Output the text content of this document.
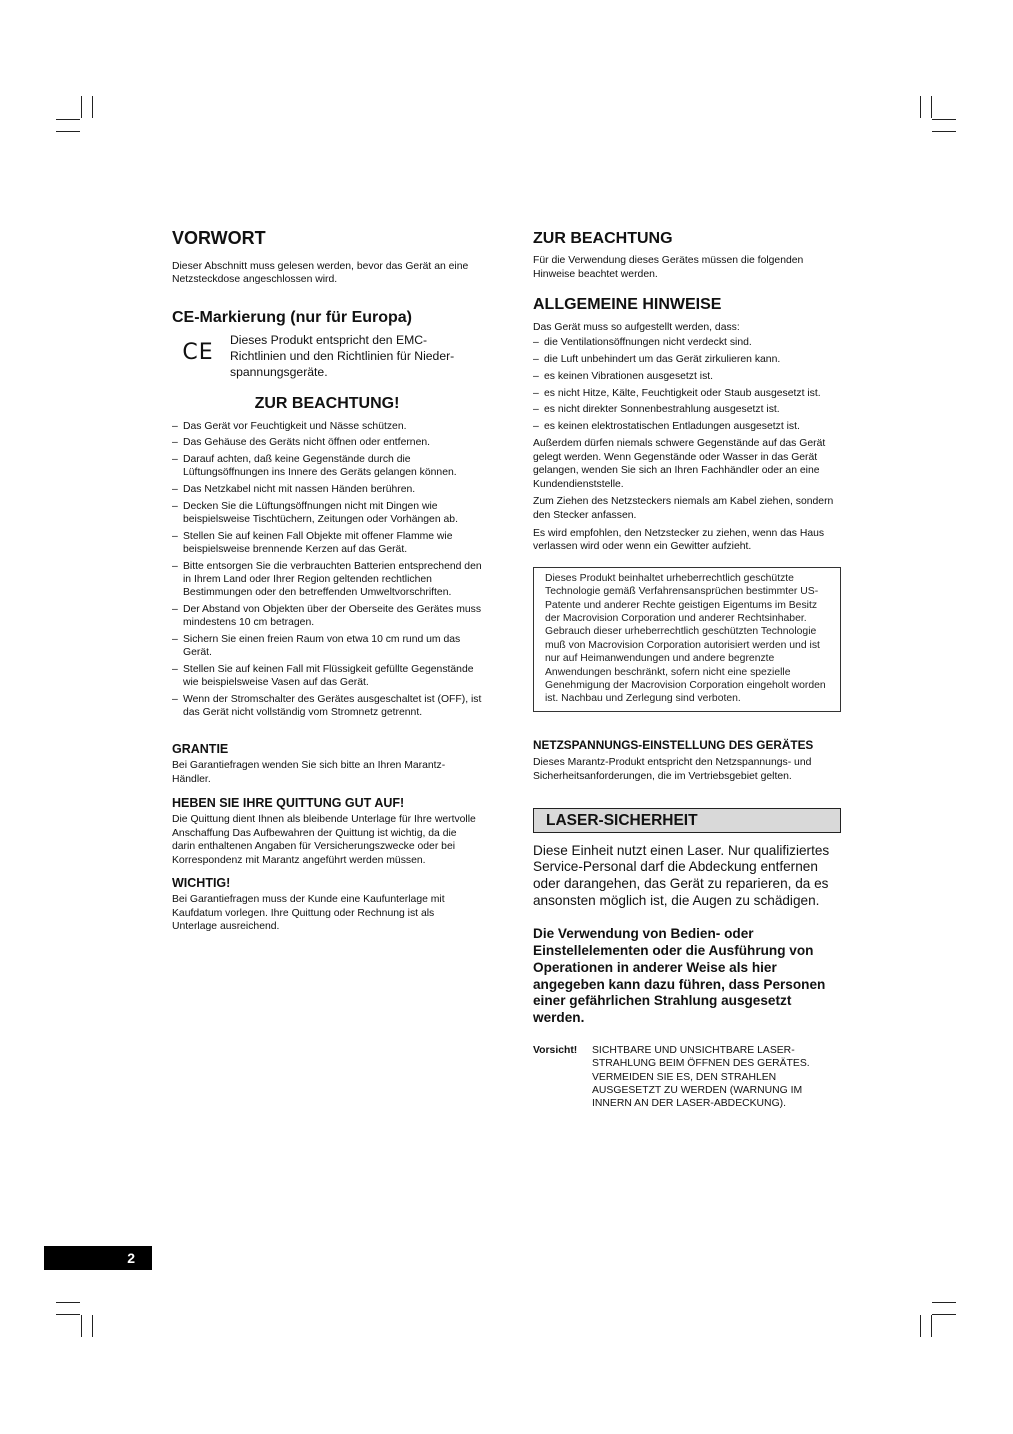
VORWORT

Dieser Abschnitt muss gelesen werden, bevor das Gerät an eine Netzsteckdose angeschlossen wird.

CE-Markierung (nur für Europa)
CE
Dieses Produkt entspricht den EMC-Richtlinien und den Richtlinien für Nieder-spannungsgeräte.
ZUR BEACHTUNG!
– Das Gerät vor Feuchtigkeit und Nässe schützen.
– Das Gehäuse des Geräts nicht öffnen oder entfernen.
– Darauf achten, daß keine Gegenstände durch die Lüftungsöffnungen ins Innere des Geräts gelangen können.
– Das Netzkabel nicht mit nassen Händen berühren.
– Decken Sie die Lüftungsöffnungen nicht mit Dingen wie beispielsweise Tischtüchern, Zeitungen oder Vorhängen ab.
– Stellen Sie auf keinen Fall Objekte mit offener Flamme wie beispielsweise brennende Kerzen auf das Gerät.
– Bitte entsorgen Sie die verbrauchten Batterien entsprechend den in Ihrem Land oder Ihrer Region geltenden rechtlichen Bestimmungen oder den betreffenden Umweltvorschriften.
– Der Abstand von Objekten über der Oberseite des Gerätes muss mindestens 10 cm betragen.
– Sichern Sie einen freien Raum von etwa 10 cm rund um das Gerät.
– Stellen Sie auf keinen Fall mit Flüssigkeit gefüllte Gegenstände wie beispielsweise Vasen auf das Gerät.
– Wenn der Stromschalter des Gerätes ausgeschaltet ist (OFF), ist das Gerät nicht vollständig vom Stromnetz getrennt.
GRANTIE

Bei Garantiefragen wenden Sie sich bitte an Ihren Marantz-Händler.

HEBEN SIE IHRE QUITTUNG GUT AUF!

Die Quittung dient Ihnen als bleibende Unterlage für Ihre wertvolle Anschaffung Das Aufbewahren der Quittung ist wichtig, da die darin enthaltenen Angaben für Versicherungszwecke oder bei Korrespondenz mit Marantz angeführt werden müssen.

WICHTIG!

Bei Garantiefragen muss der Kunde eine Kaufunterlage mit Kaufdatum vorlegen. Ihre Quittung oder Rechnung ist als Unterlage ausreichend.

ZUR BEACHTUNG

Für die Verwendung dieses Gerätes müssen die folgenden Hinweise beachtet werden.

ALLGEMEINE HINWEISE

Das Gerät muss so aufgestellt werden, dass:

– die Ventilationsöffnungen nicht verdeckt sind.
– die Luft unbehindert um das Gerät zirkulieren kann.
– es keinen Vibrationen ausgesetzt ist.
– es nicht Hitze, Kälte, Feuchtigkeit oder Staub ausgesetzt ist.
– es nicht direkter Sonnenbestrahlung ausgesetzt ist.
– es keinen elektrostatischen Entladungen ausgesetzt ist.

Außerdem dürfen niemals schwere Gegenstände auf das Gerät gelegt werden. Wenn Gegenstände oder Wasser in das Gerät gelangen, wenden Sie sich an Ihren Fachhändler oder an eine Kundendienststelle.

Zum Ziehen des Netzsteckers niemals am Kabel ziehen, sondern den Stecker anfassen.

Es wird empfohlen, den Netzstecker zu ziehen, wenn das Haus verlassen wird oder wenn ein Gewitter aufzieht.

Dieses Produkt beinhaltet urheberrechtlich geschützte Technologie gemäß Verfahrensansprüchen bestimmter US-Patente und anderer Rechte geistigen Eigentums im Besitz der Macrovision Corporation und anderer Rechtsinhaber. Gebrauch dieser urheberrechtlich geschützten Technologie muß von Macrovision Corporation autorisiert werden und ist nur auf Heimanwendungen und andere begrenzte Anwendungen beschränkt, sofern nicht eine spezielle Genehmigung der Macrovision Corporation eingeholt worden ist. Nachbau und Zerlegung sind verboten.
NETZSPANNUNGS-EINSTELLUNG DES GERÄTES

Dieses Marantz-Produkt entspricht den Netzspannungs- und Sicherheitsanforderungen, die im Vertriebsgebiet gelten.

LASER-SICHERHEIT

Diese Einheit nutzt einen Laser. Nur qualifiziertes Service-Personal darf die Abdeckung entfernen oder darangehen, das Gerät zu reparieren, da es ansonsten möglich ist, die Augen zu schädigen.

Die Verwendung von Bedien- oder Einstellelementen oder die Ausführung von Operationen in anderer Weise als hier angegeben kann dazu führen, dass Personen einer gefährlichen Strahlung ausgesetzt werden.

Vorsicht!	SICHTBARE UND UNSICHTBARE LASER-STRAHLUNG BEIM ÖFFNEN DES GERÄTES. VERMEIDEN SIE ES, DEN STRAHLEN AUSGESETZT ZU WERDEN (WARNUNG IM INNERN AN DER LASER-ABDECKUNG).
2
